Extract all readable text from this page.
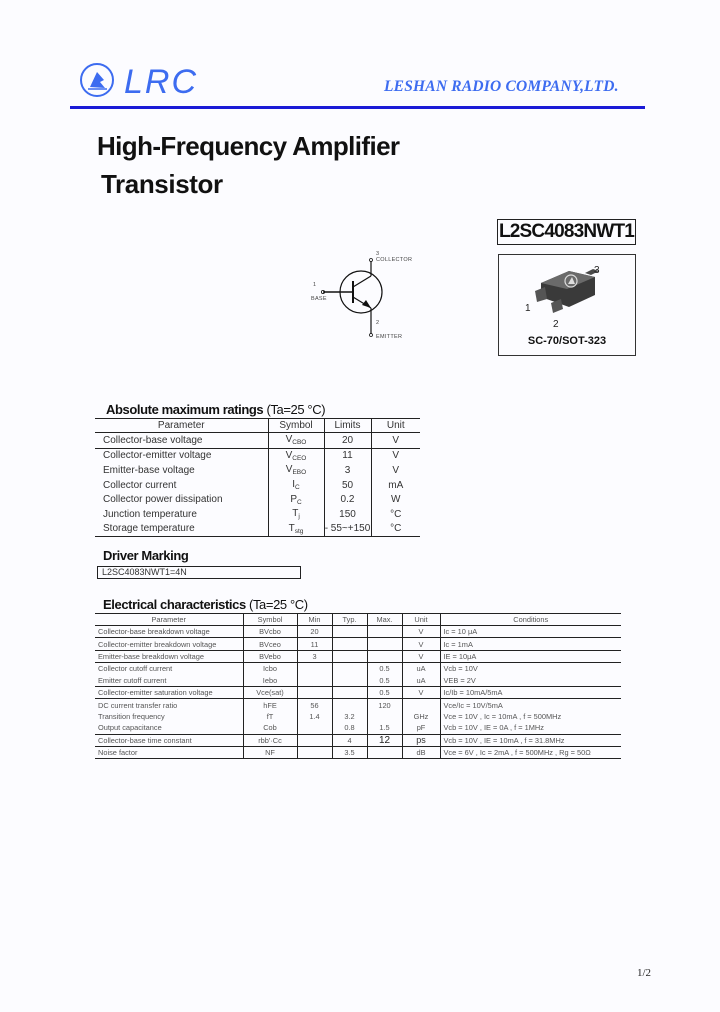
LRC	LESHAN RADIO COMPANY,LTD.
High-Frequency Amplifier
Transistor
3
COLLECTOR
1
BASE
2
EMITTER
L2SC4083NWT1
3
1
2
SC-70/SOT-323
Absolute maximum ratings (Ta=25 °C)
Parameter	Symbol	Limits	Unit
Collector-base voltage	$V_{CBO}$	20	V
Collector-emitter voltage	$V_{CEO}$	11	V
Emitter-base voltage	$V_{EBO}$	3	V
Collector current	$I_C$	50	mA
Collector power dissipation	$P_C$	0.2	W
Junction temperature	$T_j$	150	°C
Storage temperature	$T_{stg}$	- 55~+150	°C
Driver Marking
L2SC4083NWT1=4N
Electrical characteristics (Ta=25 °C)
Parameter	Symbol	Min	Typ.	Max.	Unit	Conditions
Collector-base breakdown voltage	BVcbo	20			V	Ic = 10 μA
Collector-emitter breakdown voltage	BVceo	11			V	Ic = 1mA
Emitter-base breakdown voltage	BVebo	3			V	IE = 10μA
Collector cutoff current	Icbo			0.5	uA	Vcb = 10V
Emitter cutoff current	Iebo			0.5	uA	VEB = 2V
Collector-emitter saturation voltage	Vce(sat)			0.5	V	Ic/Ib = 10mA/5mA
DC current transfer ratio	hFE	56		120		Vce/Ic = 10V/5mA
Transition frequency	fT	1.4	3.2		GHz	Vce = 10V , Ic = 10mA , f = 500MHz
Output capacitance	Cob		0.8	1.5	pF	Vcb = 10V , IE = 0A , f = 1MHz
Collector-base time constant	rbb'·Cc		4	12	ps	Vcb = 10V , IE = 10mA , f = 31.8MHz
Noise factor	NF		3.5		dB	Vce = 6V , Ic = 2mA , f = 500MHz , Rg = 50Ω
1/2
